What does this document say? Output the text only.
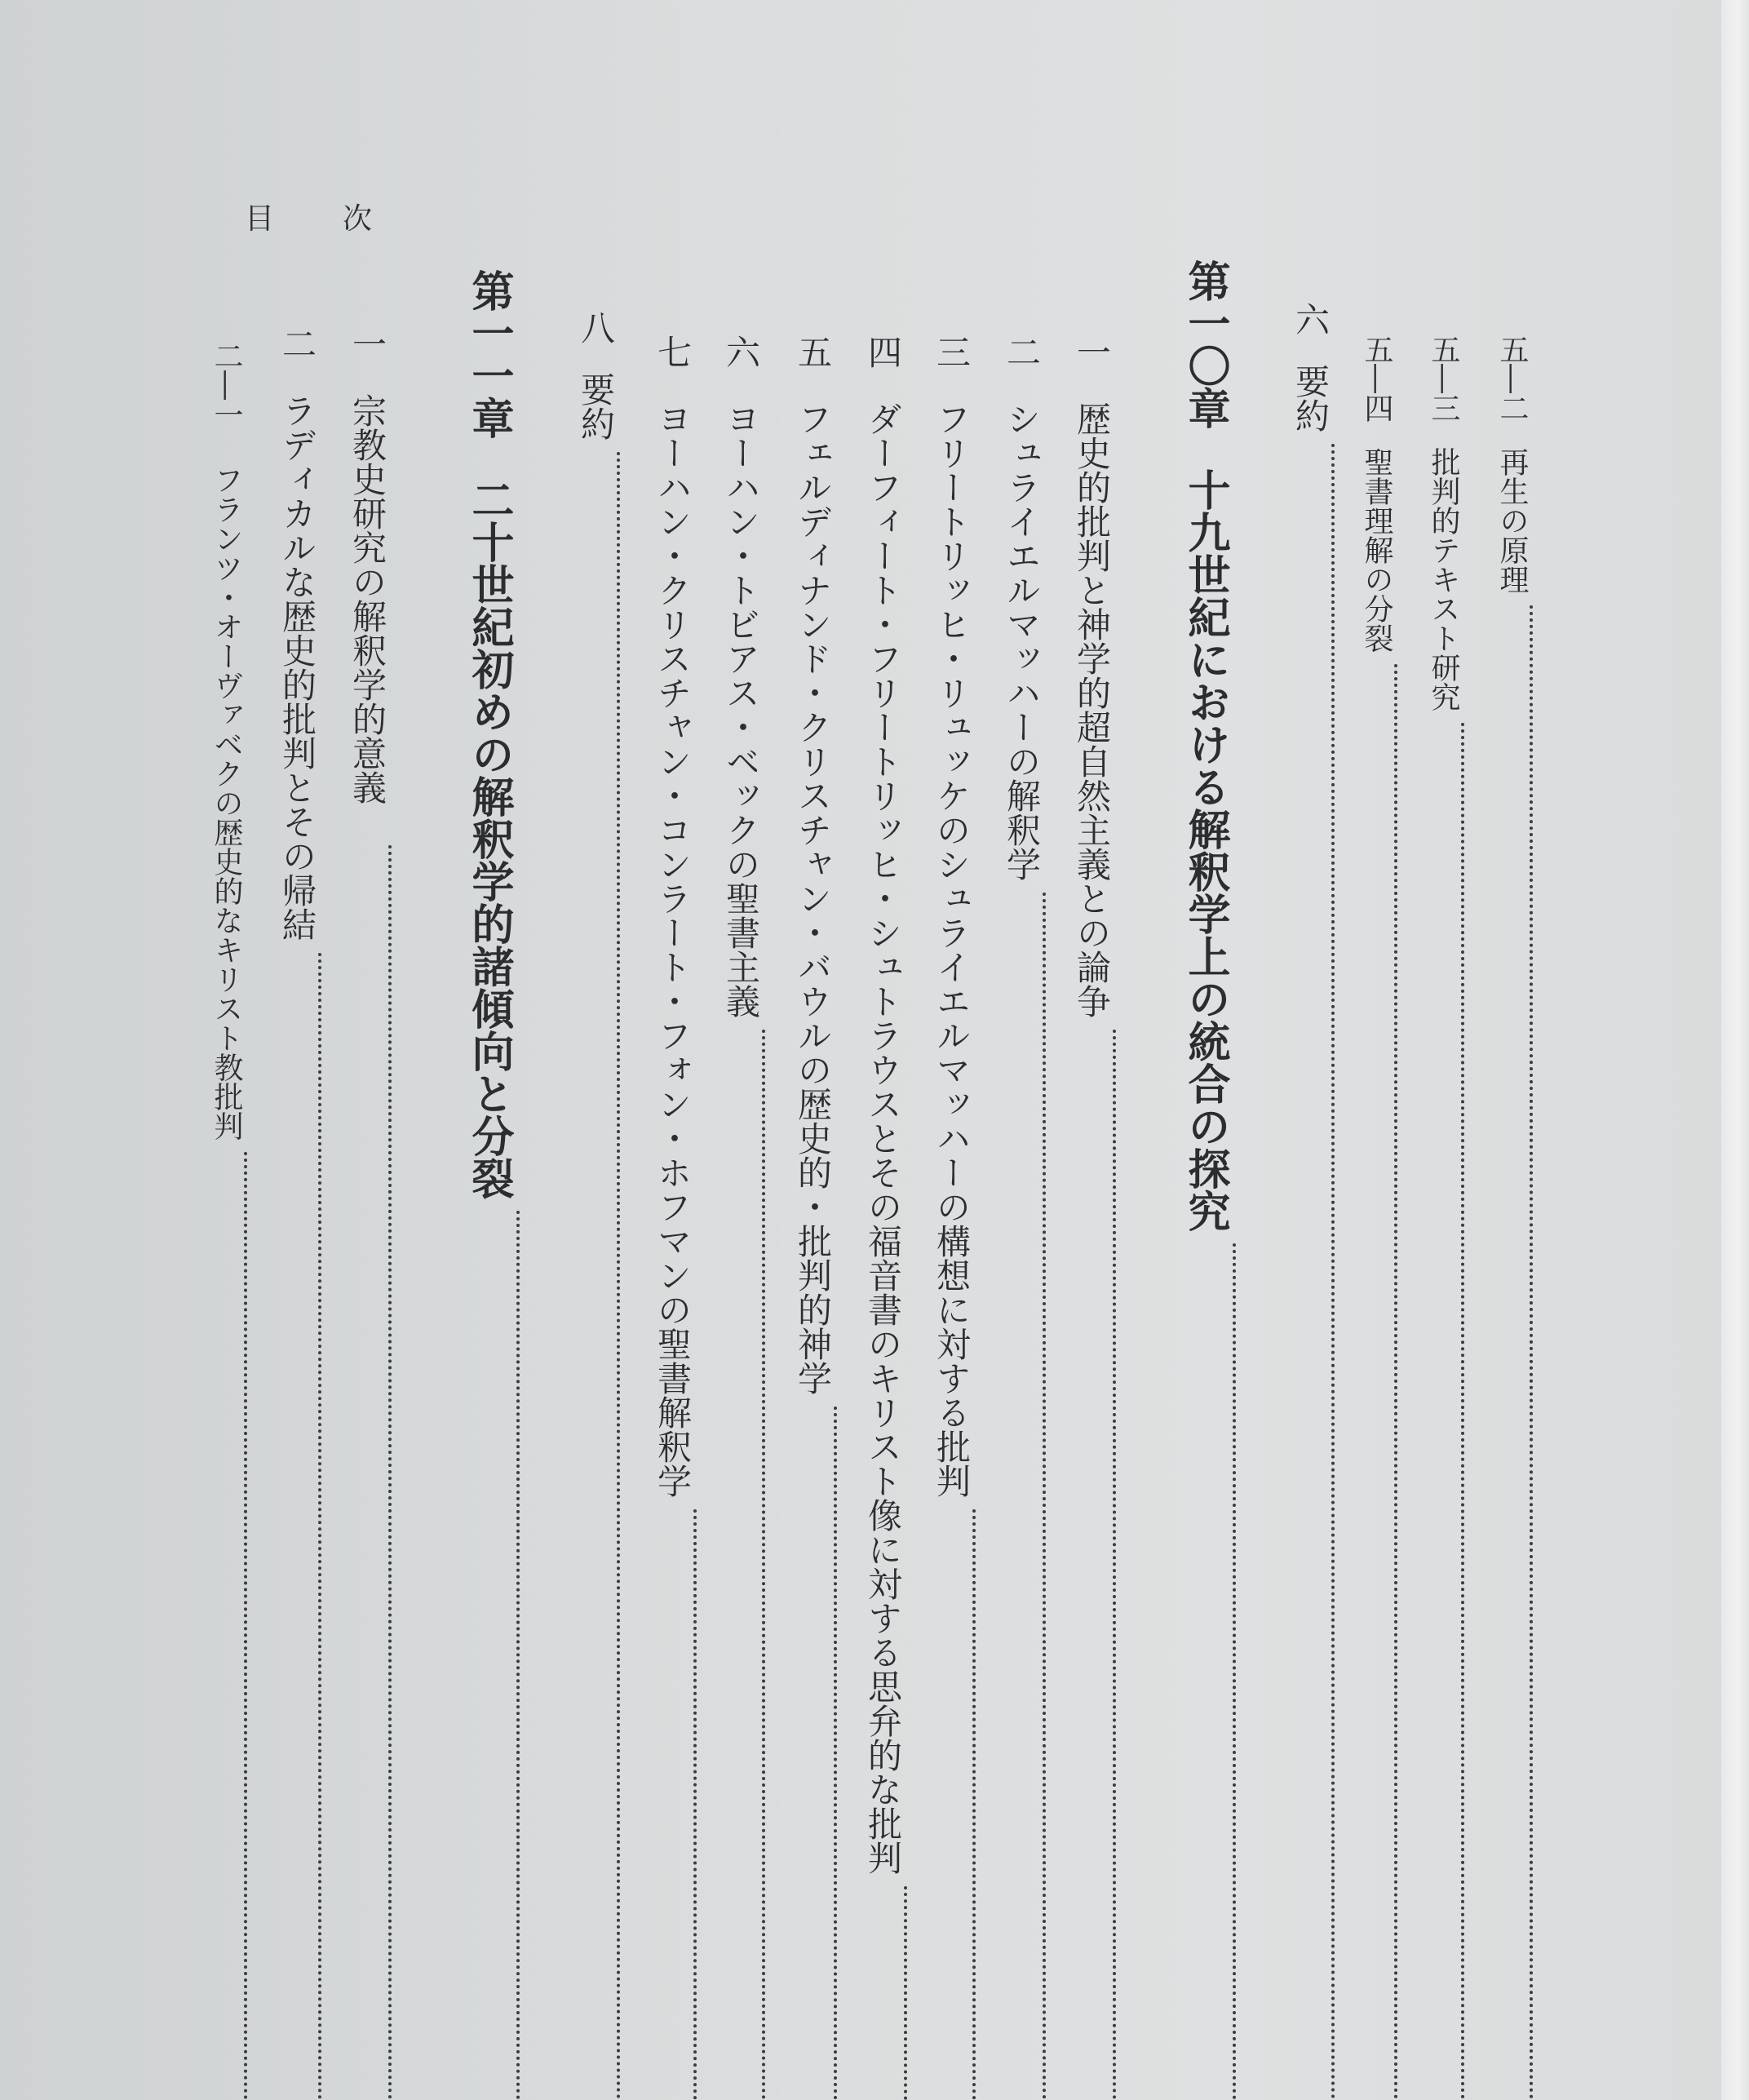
目 次
五―二
再生の原理
五―三
批判的テキスト研究
五―四
聖書理解の分裂
六
要約
第一〇章
十九世紀における解釈学上の統合の探究
一
歴史的批判と神学的超自然主義との論争
二
シュライエルマッハーの解釈学
三
フリートリッヒ・リュッケのシュライエルマッハーの構想に対する批判
四
ダーフィート・フリートリッヒ・シュトラウスとその福音書のキリスト像に対する思弁的な批判
五
フェルディナンド・クリスチャン・バウルの歴史的・批判的神学
六
ヨーハン・トビアス・ベックの聖書主義
七
ヨーハン・クリスチャン・コンラート・フォン・ホフマンの聖書解釈学
八
要約
第一一章
二十世紀初めの解釈学的諸傾向と分裂
一
宗教史研究の解釈学的意義
二
ラディカルな歴史的批判とその帰結
二―一
フランツ・オーヴァベクの歴史的なキリスト教批判
